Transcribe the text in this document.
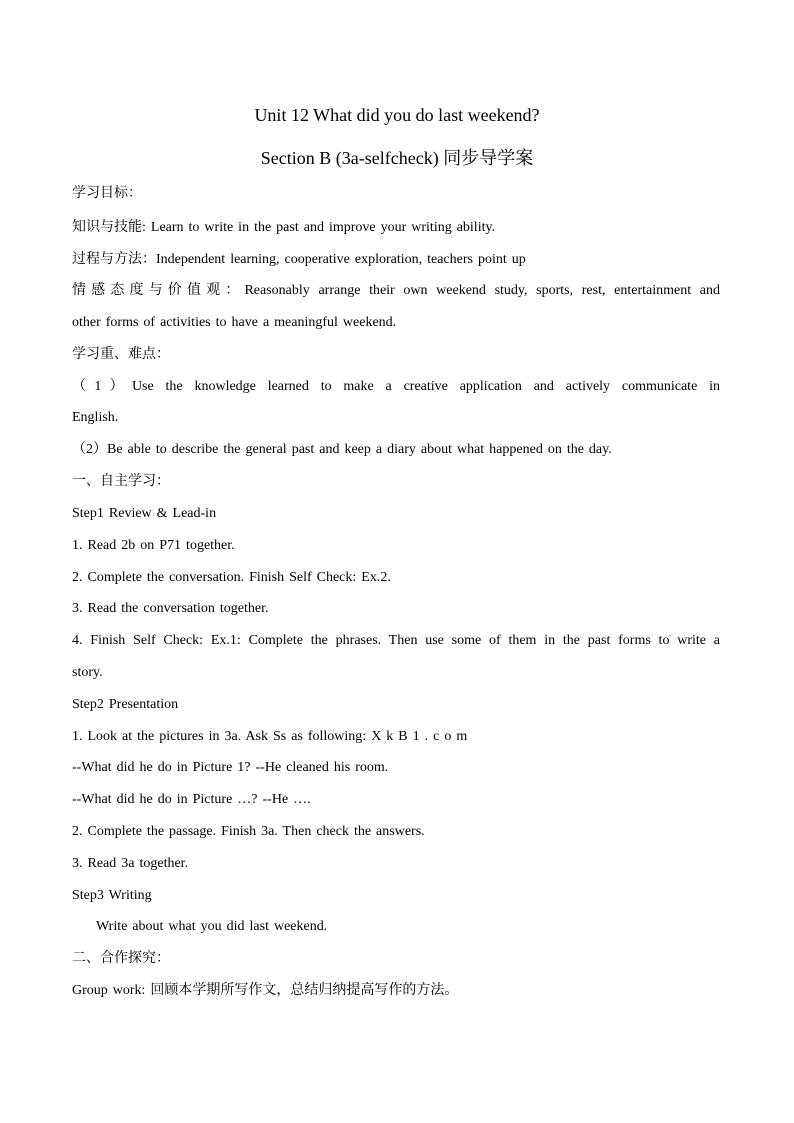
Unit 12 What did you do last weekend?
Section B (3a-selfcheck) 同步导学案
学习目标：
知识与技能: Learn to write in the past and improve your writing ability.
过程与方法：Independent learning, cooperative exploration, teachers point up
情感态度与价值观：Reasonably arrange their own weekend study, sports, rest, entertainment and
other forms of activities to have a meaningful weekend.
学习重、难点：
（1）Use the knowledge learned to make a creative application and actively communicate in
English.
（2）Be able to describe the general past and keep a diary about what happened on the day.
一、自主学习：
Step1 Review & Lead-in
1. Read 2b on P71 together.
2. Complete the conversation. Finish Self Check: Ex.2.
3. Read the conversation together.
4. Finish Self Check: Ex.1: Complete the phrases. Then use some of them in the past forms to write a
story.
Step2 Presentation
1. Look at the pictures in 3a. Ask Ss as following: X k B 1 . c o m
--What did he do in Picture 1? --He cleaned his room.
--What did he do in Picture …? --He ….
2. Complete the passage. Finish 3a. Then check the answers.
3. Read 3a together.
Step3 Writing
Write about what you did last weekend.
二、合作探究：
Group work: 回顾本学期所写作文，总结归纳提高写作的方法。
